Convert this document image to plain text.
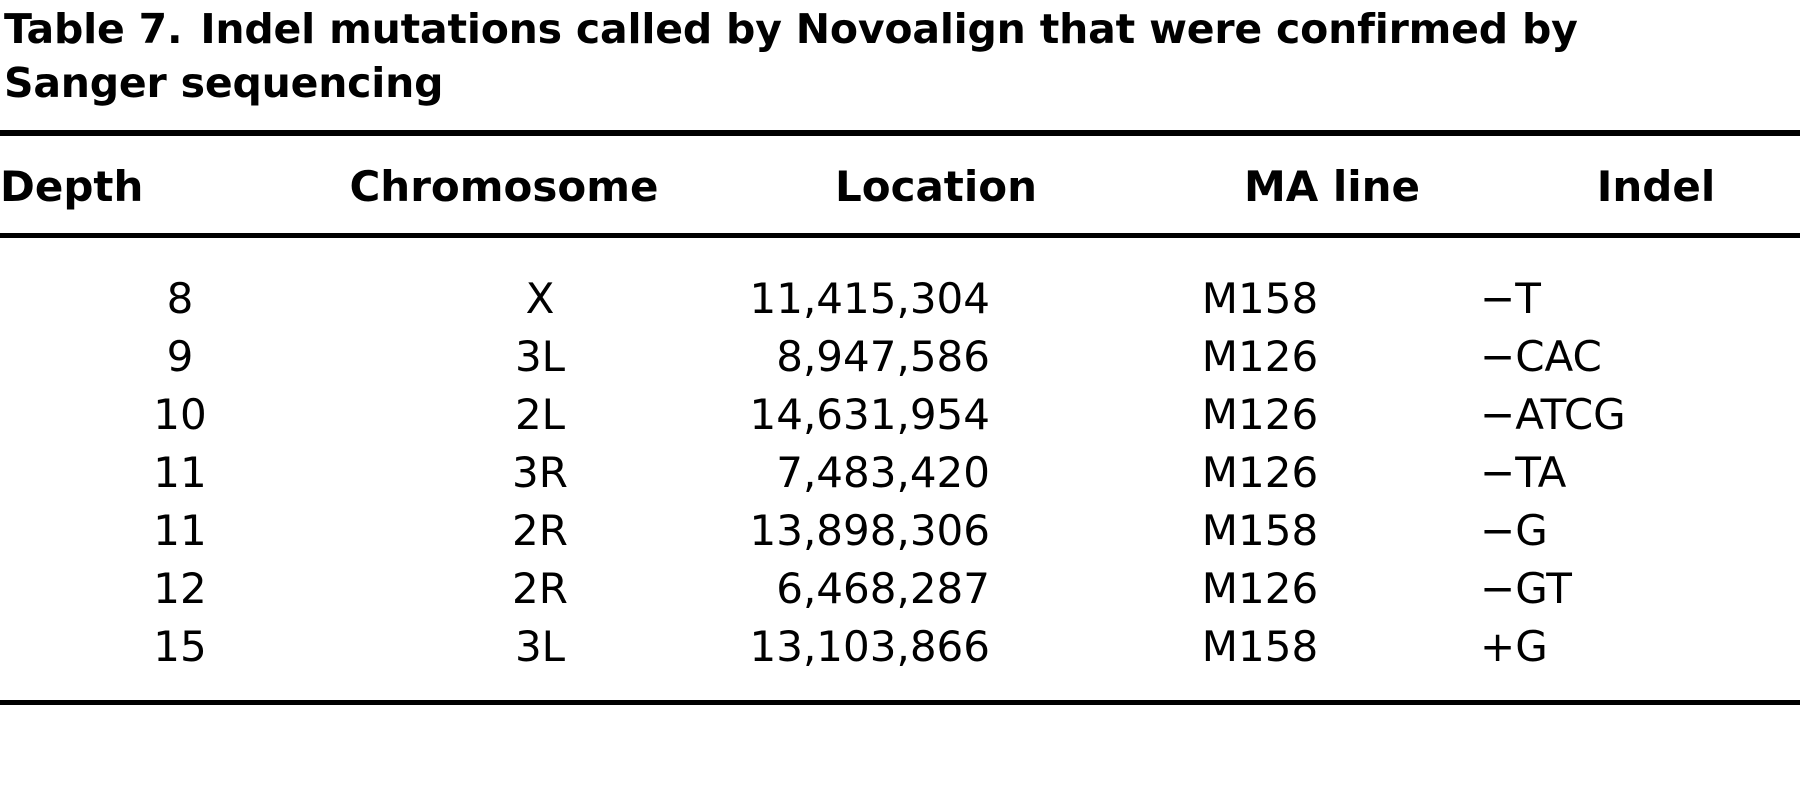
Table 7. Indel mutations called by Novoalign that were confirmed by Sanger sequencing
Depth	Chromosome	Location	MA line	Indel

8	X	11,415,304	M158	−T
9	3L	8,947,586	M126	−CAC
10	2L	14,631,954	M126	−ATCG
11	3R	7,483,420	M126	−TA
11	2R	13,898,306	M158	−G
12	2R	6,468,287	M126	−GT
15	3L	13,103,866	M158	+G
